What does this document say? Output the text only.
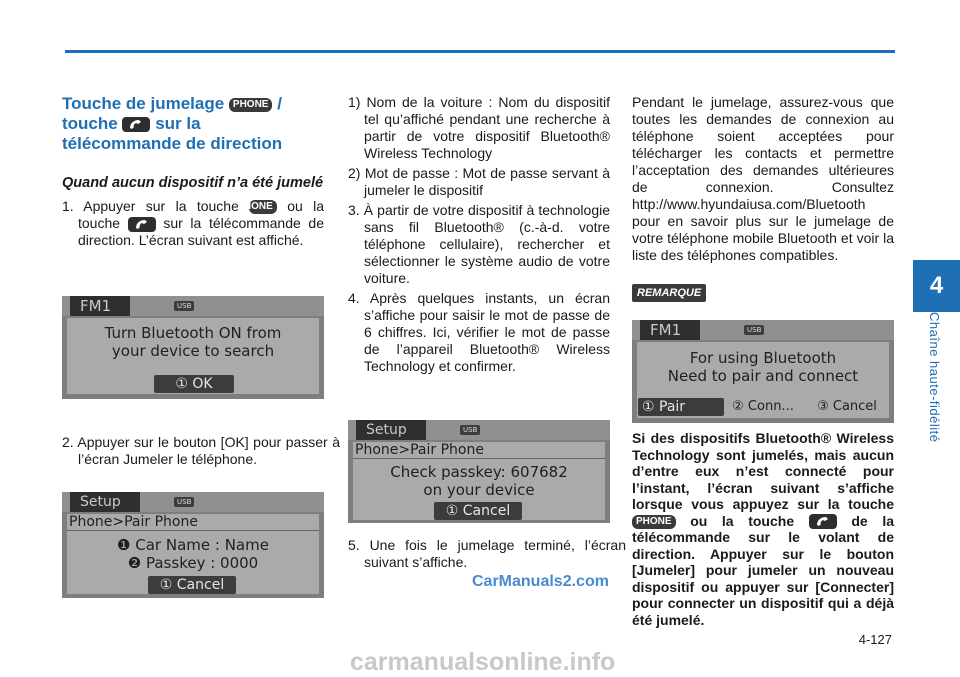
4
Chaîne haute-fidélité
Touche de jumelage PHONE /
touche sur la
télécommande de direction
Quand aucun dispositif n’a été jumelé
1. Appuyer sur la touche PHONE ou la touche	sur la télécommande de direction. L’écran suivant est affiché.
FM1	USB
Turn Bluetooth ON from
your device to search
① OK
2. Appuyer sur le bouton [OK] pour passer à l’écran Jumeler le téléphone.
Setup	USB
Phone>Pair Phone
❶ Car Name : Name
❷ Passkey : 0000
① Cancel

1) Nom de la voiture : Nom du dispositif tel qu’affiché pendant une recherche à partir de votre dispositif Bluetooth® Wireless Technology

2) Mot de passe : Mot de passe servant à jumeler le dispositif

3. À partir de votre dispositif à technologie sans fil Bluetooth® (c.-à-d. votre téléphone cellulaire), rechercher et sélectionner le système audio de votre voiture.

4. Après quelques instants, un écran s’affiche pour saisir le mot de passe de 6 chiffres. Ici, vérifier le mot de passe de l’appareil Bluetooth® Wireless Technology et confirmer.

Setup	USB
Phone>Pair Phone
Check passkey: 607682
on your device
① Cancel
5. Une fois le jumelage terminé, l’écran suivant s’affiche.
Pendant le jumelage, assurez-vous que toutes les demandes de connexion au téléphone soient acceptées pour télécharger les contacts et permettre l’acceptation des demandes ultérieures de connexion. Consultez http://www.hyundaiusa.com/Bluetooth pour en savoir plus sur le jumelage de votre téléphone mobile Bluetooth et voir la liste des téléphones compatibles.
REMARQUE
FM1	USB
For using Bluetooth
Need to pair and connect
① Pair	② Conn...	③ Cancel
Si des dispositifs Bluetooth® Wireless Technology sont jumelés, mais aucun d’entre eux n’est connecté pour l’instant, l’écran suivant s’affiche lorsque vous appuyez sur la touche PHONE ou la touche	de la télécommande sur le volant de direction. Appuyer sur le bouton [Jumeler] pour jumeler un nouveau dispositif ou appuyer sur [Connecter] pour connecter un dispositif qui a déjà été jumelé.
CarManuals2.com
4-127
carmanualsonline.info
